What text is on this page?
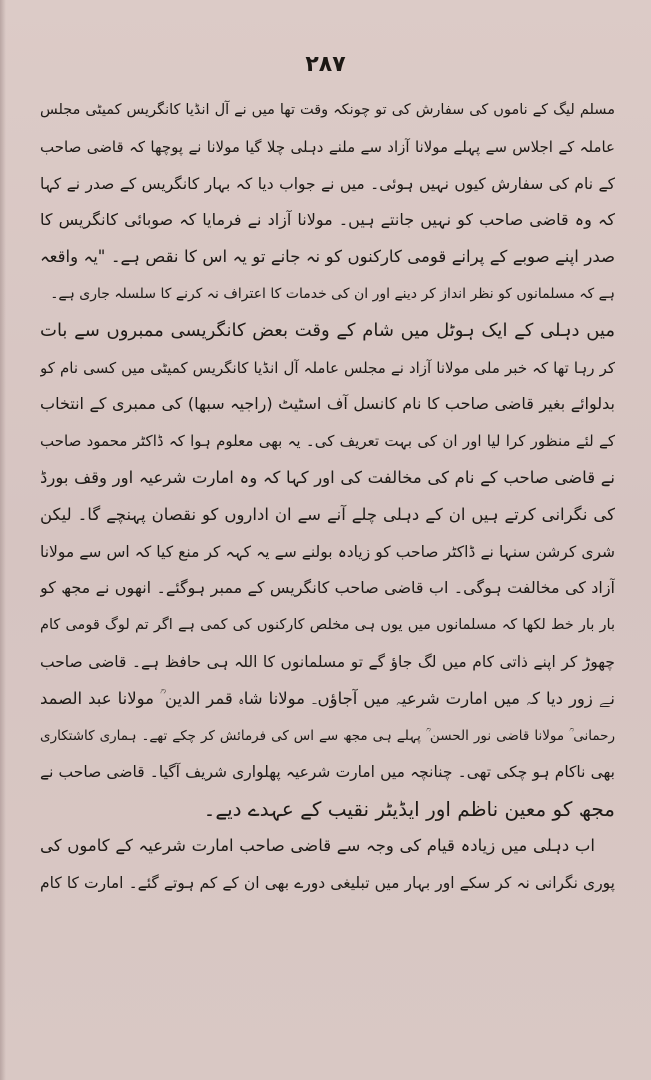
۲۸۷
مسلم لیگ کے ناموں کی سفارش کی تو چونکہ وقت تھا میں نے آل انڈیا کانگریس کمیٹی مجلس
عاملہ کے اجلاس سے پہلے مولانا آزاد سے ملنے دہلی چلا گیا مولانا نے پوچھا کہ قاضی صاحب
کے نام کی سفارش کیوں نہیں ہوئی۔ میں نے جواب دیا کہ بہار کانگریس کے صدر نے کہا
کہ وہ قاضی صاحب کو نہیں جانتے ہیں۔ مولانا آزاد نے فرمایا کہ صوبائی کانگریس کا
صدر اپنے صوبے کے پرانے قومی کارکنوں کو نہ جانے تو یہ اس کا نقص ہے۔ "یہ واقعہ
ہے کہ مسلمانوں کو نظر انداز کر دینے اور ان کی خدمات کا اعتراف نہ کرنے کا سلسلہ جاری ہے۔
میں دہلی کے ایک ہوٹل میں شام کے وقت بعض کانگریسی ممبروں سے بات
کر رہا تھا کہ خبر ملی مولانا آزاد نے مجلس عاملہ آل انڈیا کانگریس کمیٹی میں کسی نام کو
بدلوائے بغیر قاضی صاحب کا نام کانسل آف اسٹیٹ (راجیہ سبھا) کی ممبری کے انتخاب
کے لئے منظور کرا لیا اور ان کی بہت تعریف کی۔ یہ بھی معلوم ہوا کہ ڈاکٹر محمود صاحب
نے قاضی صاحب کے نام کی مخالفت کی اور کہا کہ وہ امارت شرعیہ اور وقف بورڈ
کی نگرانی کرتے ہیں ان کے دہلی چلے آنے سے ان اداروں کو نقصان پہنچے گا۔ لیکن
شری کرشن سنہا نے ڈاکٹر صاحب کو زیادہ بولنے سے یہ کہہ کر منع کیا کہ اس سے مولانا
آزاد کی مخالفت ہوگی۔ اب قاضی صاحب کانگریس کے ممبر ہوگئے۔ انھوں نے مجھ کو
بار بار خط لکھا کہ مسلمانوں میں یوں ہی مخلص کارکنوں کی کمی ہے اگر تم لوگ قومی کام
چھوڑ کر اپنے ذاتی کام میں لگ جاؤ گے تو مسلمانوں کا اللہ ہی حافظ ہے۔ قاضی صاحب
نے زور دیا کہ میں امارت شرعیہ میں آجاؤں۔ مولانا شاہ قمر الدین ؒ مولانا عبد الصمد
رحمانی ؒ مولانا قاضی نور الحسن ؒ پہلے ہی مجھ سے اس کی فرمائش کر چکے تھے۔ ہماری کاشتکاری
بھی ناکام ہو چکی تھی۔ چنانچہ میں امارت شرعیہ پھلواری شریف آگیا۔ قاضی صاحب نے
مجھ کو معین ناظم اور ایڈیٹر نقیب کے عہدے دیے۔
اب دہلی میں زیادہ قیام کی وجہ سے قاضی صاحب امارت شرعیہ کے کاموں کی
پوری نگرانی نہ کر سکے اور بہار میں تبلیغی دورے بھی ان کے کم ہوتے گئے۔ امارت کا کام
